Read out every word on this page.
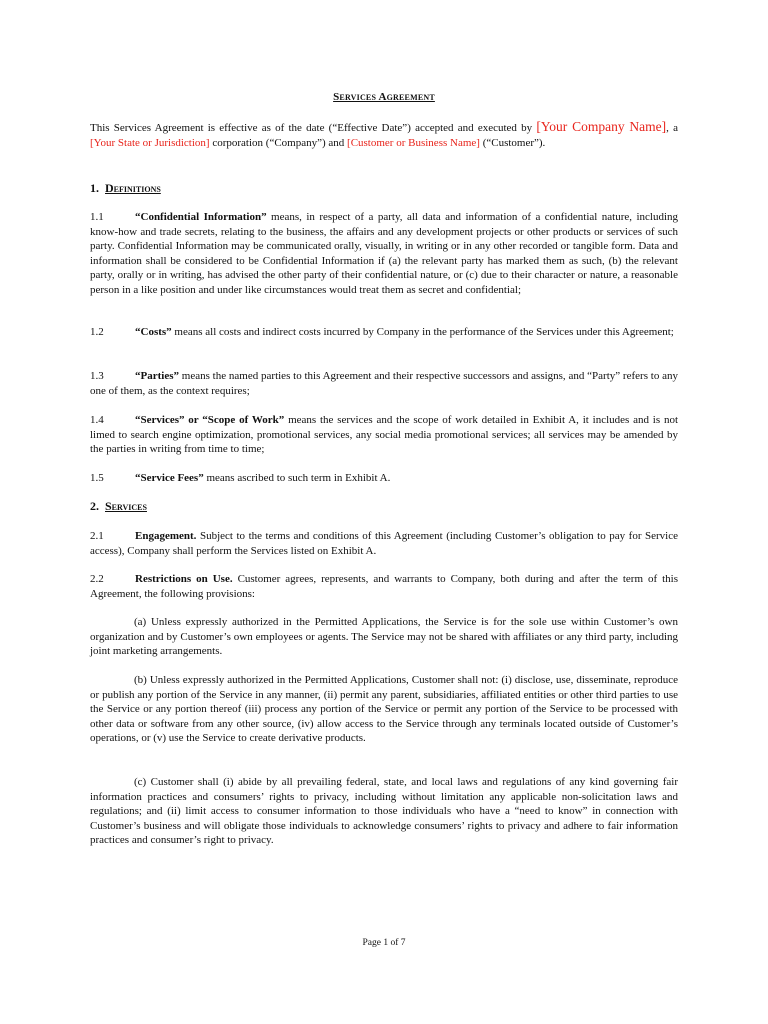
Services Agreement
This Services Agreement is effective as of the date (“Effective Date”) accepted and executed by [Your Company Name], a [Your State or Jurisdiction] corporation (“Company”) and [Customer or Business Name] (“Customer”).
1. Definitions
1.1	“Confidential Information” means, in respect of a party, all data and information of a confidential nature, including know-how and trade secrets, relating to the business, the affairs and any development projects or other products or services of such party. Confidential Information may be communicated orally, visually, in writing or in any other recorded or tangible form. Data and information shall be considered to be Confidential Information if (a) the relevant party has marked them as such, (b) the relevant party, orally or in writing, has advised the other party of their confidential nature, or (c) due to their character or nature, a reasonable person in a like position and under like circumstances would treat them as secret and confidential;
1.2	“Costs” means all costs and indirect costs incurred by Company in the performance of the Services under this Agreement;
1.3	“Parties” means the named parties to this Agreement and their respective successors and assigns, and “Party” refers to any one of them, as the context requires;
1.4	“Services” or “Scope of Work” means the services and the scope of work detailed in Exhibit A, it includes and is not limed to search engine optimization, promotional services, any social media promotional services; all services may be amended by the parties in writing from time to time;
1.5	“Service Fees” means ascribed to such term in Exhibit A.
2. Services
2.1	Engagement. Subject to the terms and conditions of this Agreement (including Customer’s obligation to pay for Service access), Company shall perform the Services listed on Exhibit A.
2.2	Restrictions on Use. Customer agrees, represents, and warrants to Company, both during and after the term of this Agreement, the following provisions:
(a) Unless expressly authorized in the Permitted Applications, the Service is for the sole use within Customer’s own organization and by Customer’s own employees or agents. The Service may not be shared with affiliates or any third party, including joint marketing arrangements.
(b) Unless expressly authorized in the Permitted Applications, Customer shall not: (i) disclose, use, disseminate, reproduce or publish any portion of the Service in any manner, (ii) permit any parent, subsidiaries, affiliated entities or other third parties to use the Service or any portion thereof (iii) process any portion of the Service or permit any portion of the Service to be processed with other data or software from any other source, (iv) allow access to the Service through any terminals located outside of Customer’s operations, or (v) use the Service to create derivative products.
(c) Customer shall (i) abide by all prevailing federal, state, and local laws and regulations of any kind governing fair information practices and consumers’ rights to privacy, including without limitation any applicable non-solicitation laws and regulations; and (ii) limit access to consumer information to those individuals who have a “need to know” in connection with Customer’s business and will obligate those individuals to acknowledge consumers’ rights to privacy and adhere to fair information practices and consumer’s right to privacy.
Page 1 of 7
